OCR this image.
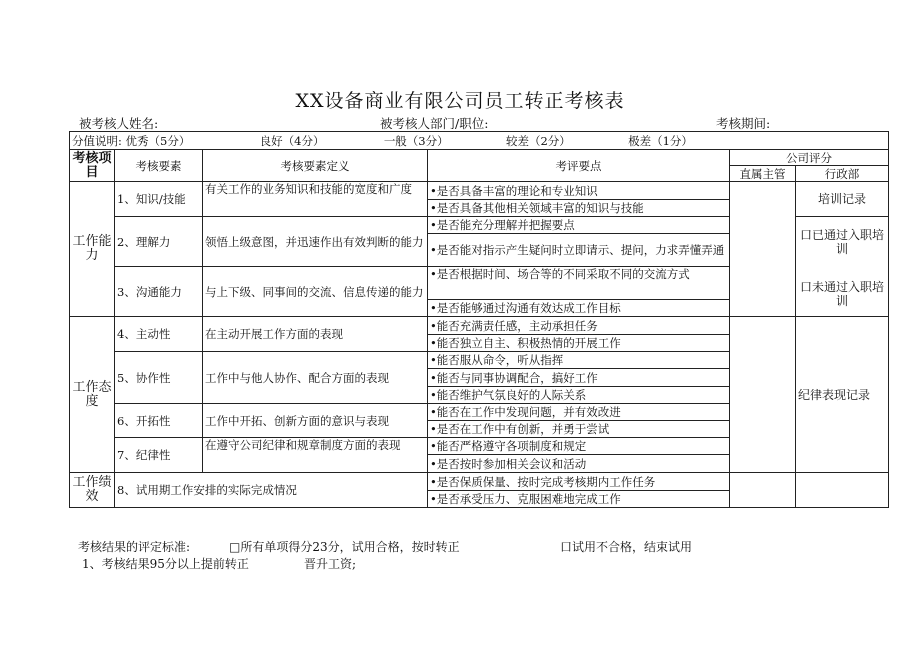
XX设备商业有限公司员工转正考核表
被考核人姓名:	被考核人部门/职位:	考核期间:
分值说明: 优秀（5分） 良好（4分） 一般（3分） 较差（2分） 极差（1分）					
考核项目	考核要素	考核要素定义	考评要点	公司评分	
				直属主管	行政部
工作能力	1、知识/技能	有关工作的业务知识和技能的宽度和广度	•是否具备丰富的理论和专业知识		培训记录
			•是否具备其他相关领域丰富的知识与技能		
	2、理解力	领悟上级意图，并迅速作出有效判断的能力	•是否能充分理解并把握要点		口已通过入职培训
口未通过入职培训

			•是否能对指示产生疑问时立即请示、提问，力求弄懂弄通		
	3、沟通能力	与上下级、同事间的交流、信息传递的能力	•是否根据时间、场合等的不同采取不同的交流方式		
			•是否能够通过沟通有效达成工作目标		
工作态度	4、主动性	在主动开展工作方面的表现	•能否充满责任感，主动承担任务		纪律表现记录
			•能否独立自主、积极热情的开展工作		
	5、协作性	工作中与他人协作、配合方面的表现	•能否服从命令，听从指挥		
			•能否与同事协调配合，搞好工作		
			•能否维护气氛良好的人际关系		
	6、开拓性	工作中开拓、创新方面的意识与表现	•能否在工作中发现问题，并有效改进		
			•是否在工作中有创新，并勇于尝试		
	7、纪律性	在遵守公司纪律和规章制度方面的表现	•能否严格遵守各项制度和规定		
			•是否按时参加相关会议和活动		
工作绩效	8、试用期工作安排的实际完成情况		•是否保质保量、按时完成考核期内工作任务		
			•是否承受压力、克服困难地完成工作		
考核结果的评定标准:	□所有单项得分23分，试用合格，按时转正	口试用不合格，结束试用
1、考核结果95分以上提前转正	晋升工资;
